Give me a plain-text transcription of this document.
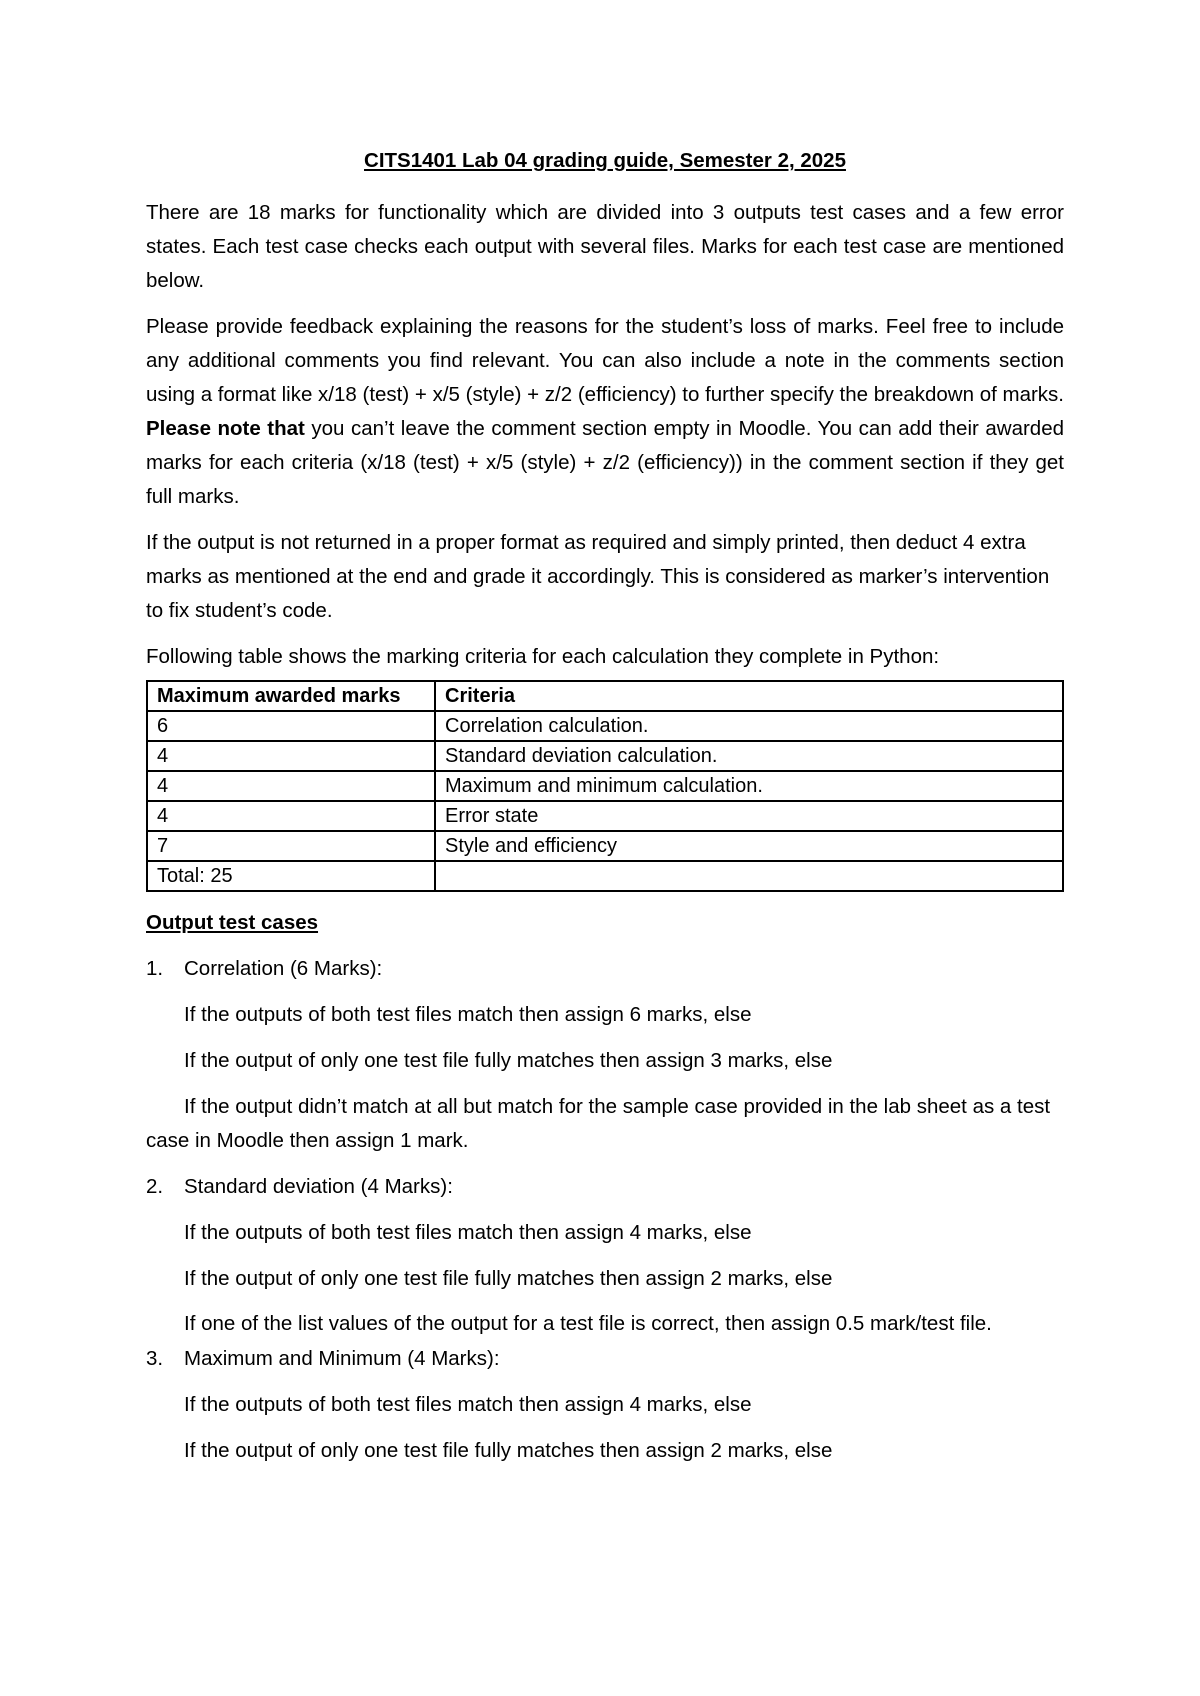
CITS1401 Lab 04 grading guide, Semester 2, 2025

There are 18 marks for functionality which are divided into 3 outputs test cases and a few error states. Each test case checks each output with several files. Marks for each test case are mentioned below.

Please provide feedback explaining the reasons for the student’s loss of marks. Feel free to include any additional comments you find relevant. You can also include a note in the comments section using a format like x/18 (test) + x/5 (style) + z/2 (efficiency) to further specify the breakdown of marks. Please note that you can’t leave the comment section empty in Moodle. You can add their awarded marks for each criteria (x/18 (test) + x/5 (style) + z/2 (efficiency)) in the comment section if they get full marks.

If the output is not returned in a proper format as required and simply printed, then deduct 4 extra marks as mentioned at the end and grade it accordingly. This is considered as marker’s intervention to fix student’s code.

Following table shows the marking criteria for each calculation they complete in Python:

Maximum awarded marks	Criteria
6	Correlation calculation.
4	Standard deviation calculation.
4	Maximum and minimum calculation.
4	Error state
7	Style and efficiency
Total: 25	
Output test cases
1. Correlation (6 Marks):
If the outputs of both test files match then assign 6 marks, else
If the output of only one test file fully matches then assign 3 marks, else
If the output didn’t match at all but match for the sample case provided in the lab sheet as a test case in Moodle then assign 1 mark.
2. Standard deviation (4 Marks):
If the outputs of both test files match then assign 4 marks, else
If the output of only one test file fully matches then assign 2 marks, else
If one of the list values of the output for a test file is correct, then assign 0.5 mark/test file.
3. Maximum and Minimum (4 Marks):
If the outputs of both test files match then assign 4 marks, else
If the output of only one test file fully matches then assign 2 marks, else
